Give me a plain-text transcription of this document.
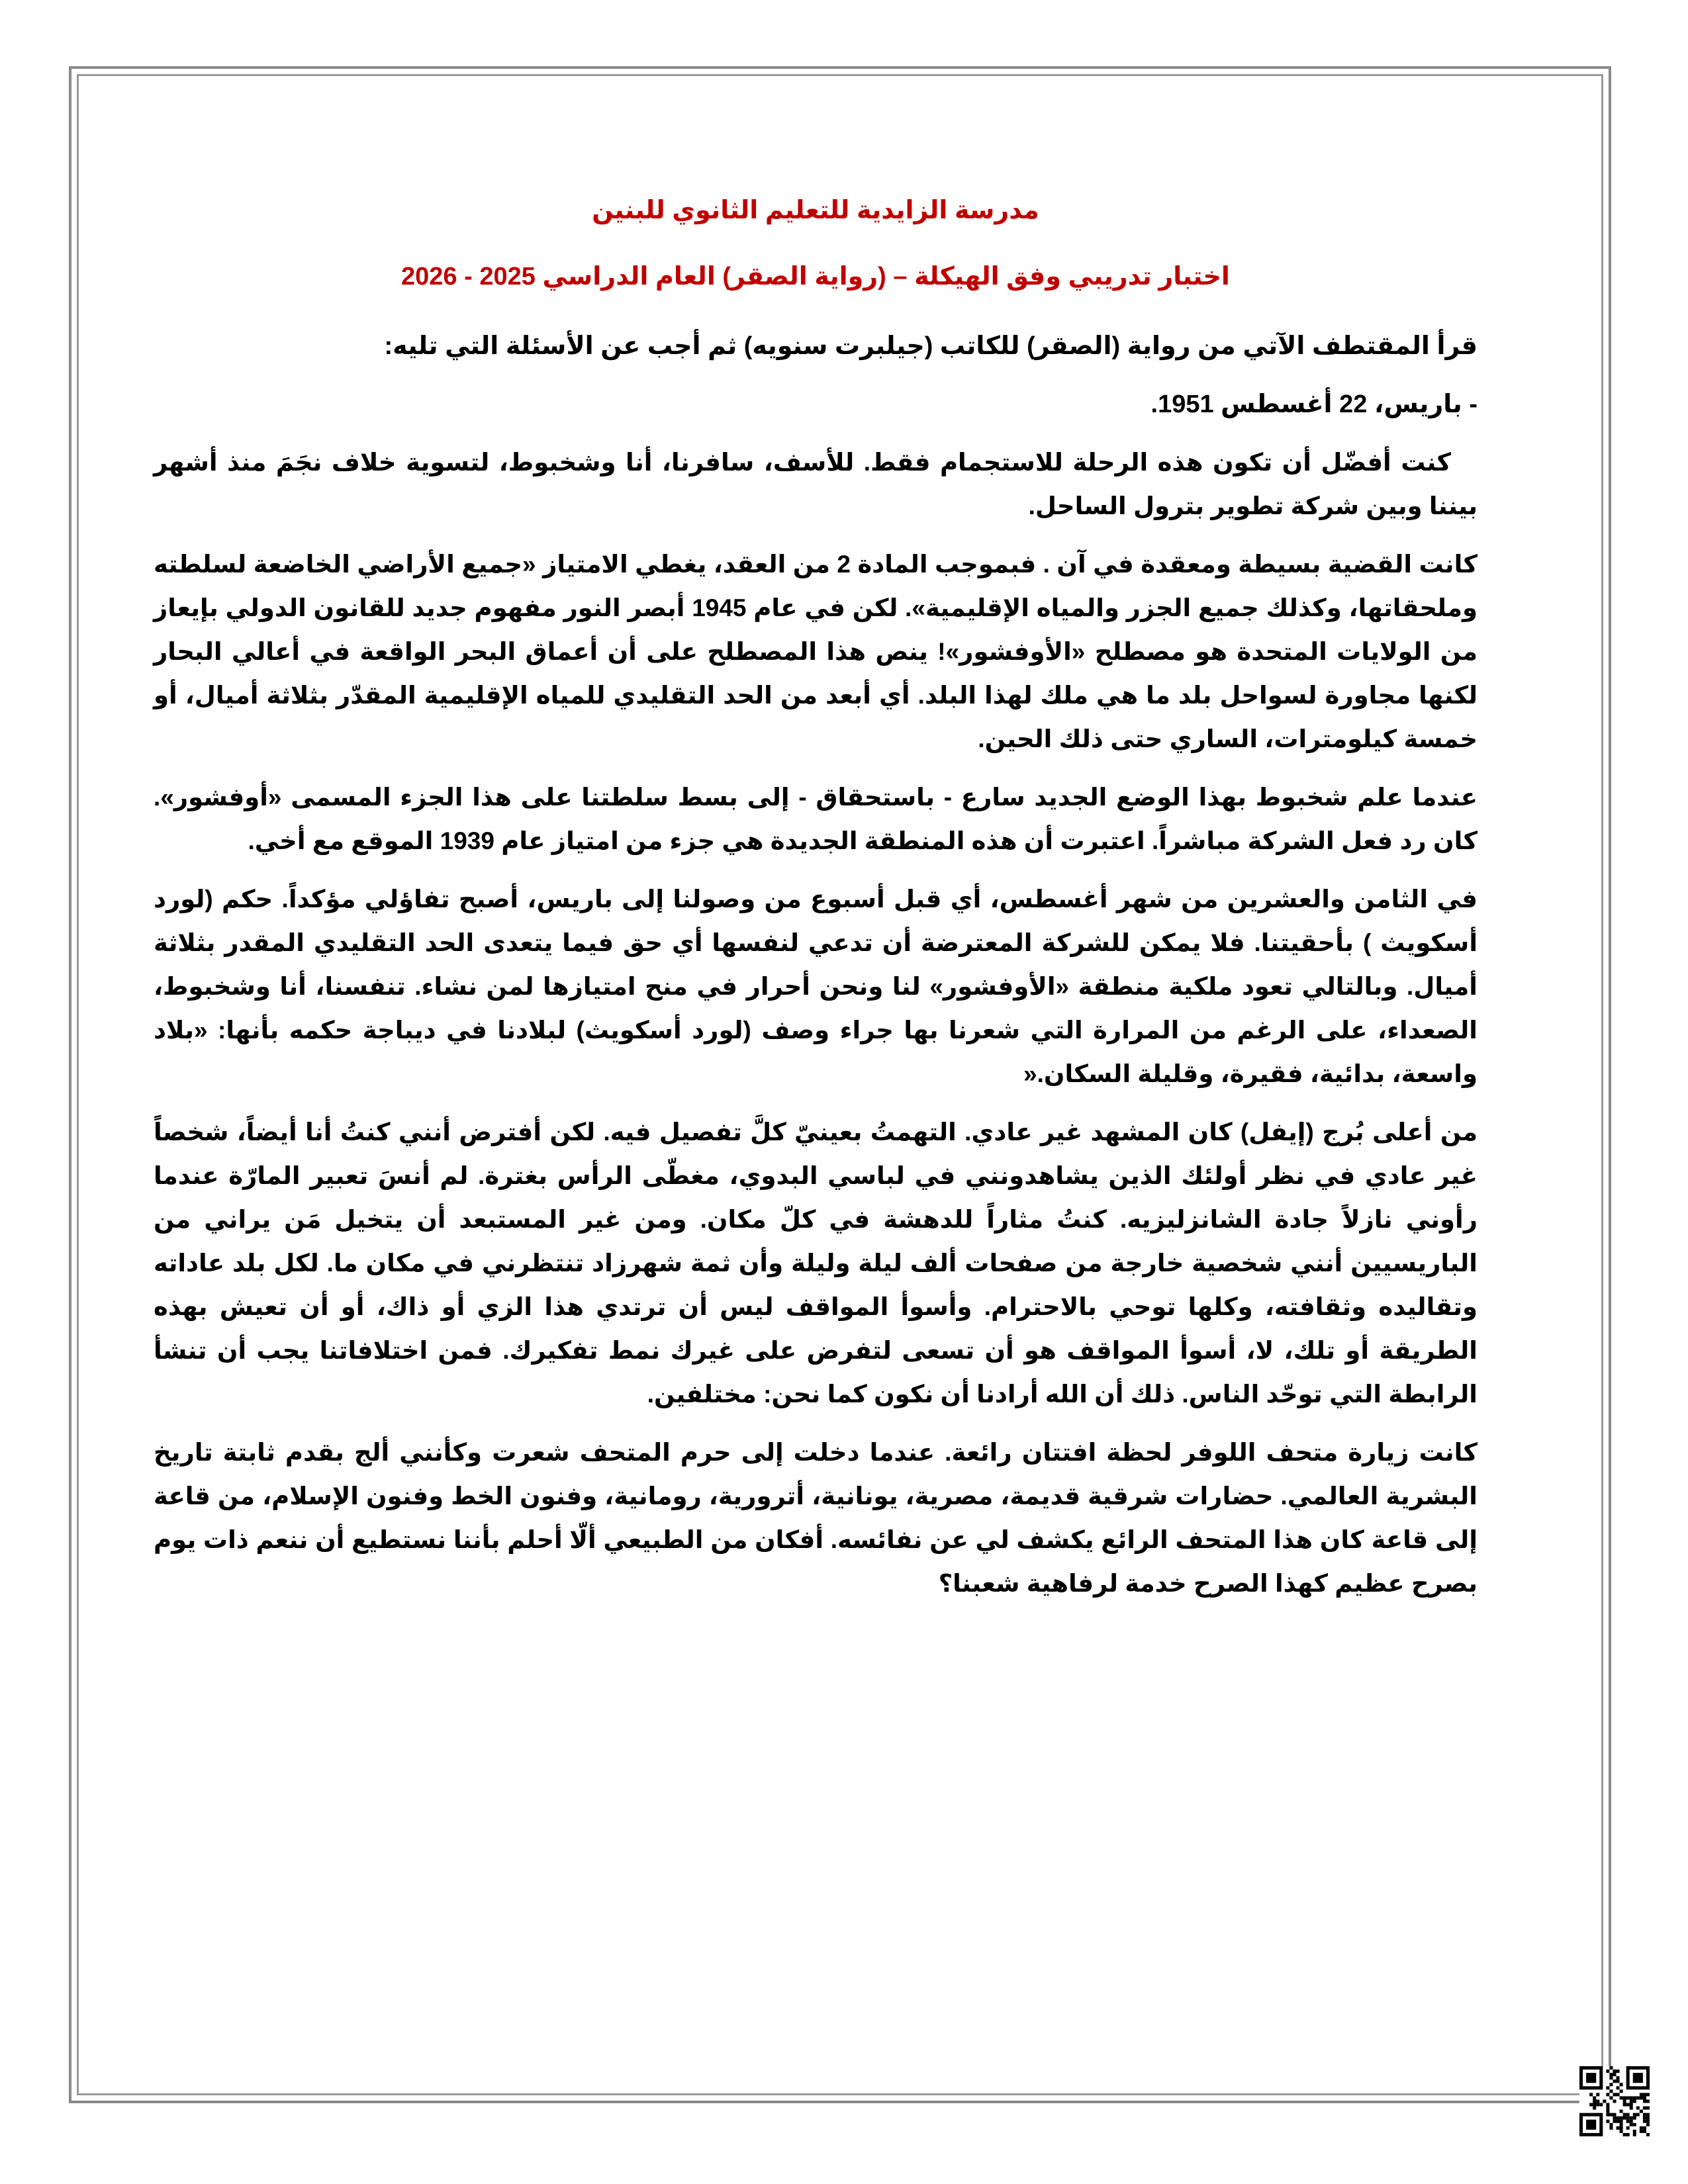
مدرسة الزايدية للتعليم الثانوي للبنين
اختبار تدريبي وفق الهيكلة – (رواية الصقر) العام الدراسي 2025 - 2026
قرأ المقتطف الآتي من رواية (الصقر) للكاتب (جيلبرت سنويه) ثم أجب عن الأسئلة التي تليه:
- باريس، 22 أغسطس 1951.

كنت أفضّل أن تكون هذه الرحلة للاستجمام فقط. للأسف، سافرنا، أنا وشخبوط، لتسوية خلاف نجَمَ منذ أشهر بيننا وبين شركة تطوير بترول الساحل.

كانت القضية بسيطة ومعقدة في آن . فبموجب المادة 2 من العقد، يغطي الامتياز «جميع الأراضي الخاضعة لسلطته وملحقاتها، وكذلك جميع الجزر والمياه الإقليمية». لكن في عام 1945 أبصر النور مفهوم جديد للقانون الدولي بإيعاز من الولايات المتحدة هو مصطلح «الأوفشور»! ينص هذا المصطلح على أن أعماق البحر الواقعة في أعالي البحار لكنها مجاورة لسواحل بلد ما هي ملك لهذا البلد. أي أبعد من الحد التقليدي للمياه الإقليمية المقدّر بثلاثة أميال، أو خمسة كيلومترات، الساري حتى ذلك الحين.

عندما علم شخبوط بهذا الوضع الجديد سارع - باستحقاق - إلى بسط سلطتنا على هذا الجزء المسمى «أوفشور». كان رد فعل الشركة مباشراً. اعتبرت أن هذه المنطقة الجديدة هي جزء من امتياز عام 1939 الموقع مع أخي.

في الثامن والعشرين من شهر أغسطس، أي قبل أسبوع من وصولنا إلى باريس، أصبح تفاؤلي مؤكداً. حكم (لورد أسكويث ) بأحقيتنا. فلا يمكن للشركة المعترضة أن تدعي لنفسها أي حق فيما يتعدى الحد التقليدي المقدر بثلاثة أميال. وبالتالي تعود ملكية منطقة «الأوفشور» لنا ونحن أحرار في منح امتيازها لمن نشاء. تنفسنا، أنا وشخبوط، الصعداء، على الرغم من المرارة التي شعرنا بها جراء وصف (لورد أسكويث) لبلادنا في ديباجة حكمه بأنها: «بلاد واسعة، بدائية، فقيرة، وقليلة السكان.«

من أعلى بُرج (إيفل) كان المشهد غير عادي. التهمتُ بعينيّ كلَّ تفصيل فيه. لكن أفترض أنني كنتُ أنا أيضاً، شخصاً غير عادي في نظر أولئك الذين يشاهدونني في لباسي البدوي، مغطّى الرأس بغترة. لم أنسَ تعبير المارّة عندما رأوني نازلاً جادة الشانزليزيه. كنتُ مثاراً للدهشة في كلّ مكان. ومن غير المستبعد أن يتخيل مَن يراني من الباريسيين أنني شخصية خارجة من صفحات ألف ليلة وليلة وأن ثمة شهرزاد تنتظرني في مكان ما. لكل بلد عاداته وتقاليده وثقافته، وكلها توحي بالاحترام. وأسوأ المواقف ليس أن ترتدي هذا الزي أو ذاك، أو أن تعيش بهذه الطريقة أو تلك، لا، أسوأ المواقف هو أن تسعى لتفرض على غيرك نمط تفكيرك. فمن اختلافاتنا يجب أن تنشأ الرابطة التي توحّد الناس. ذلك أن الله أرادنا أن نكون كما نحن: مختلفين.

كانت زيارة متحف اللوفر لحظة افتتان رائعة. عندما دخلت إلى حرم المتحف شعرت وكأنني ألج بقدم ثابتة تاريخ البشرية العالمي. حضارات شرقية قديمة، مصرية، يونانية، أترورية، رومانية، وفنون الخط وفنون الإسلام، من قاعة إلى قاعة كان هذا المتحف الرائع يكشف لي عن نفائسه. أفكان من الطبيعي ألّا أحلم بأننا نستطيع أن ننعم ذات يوم بصرح عظيم كهذا الصرح خدمة لرفاهية شعبنا؟
